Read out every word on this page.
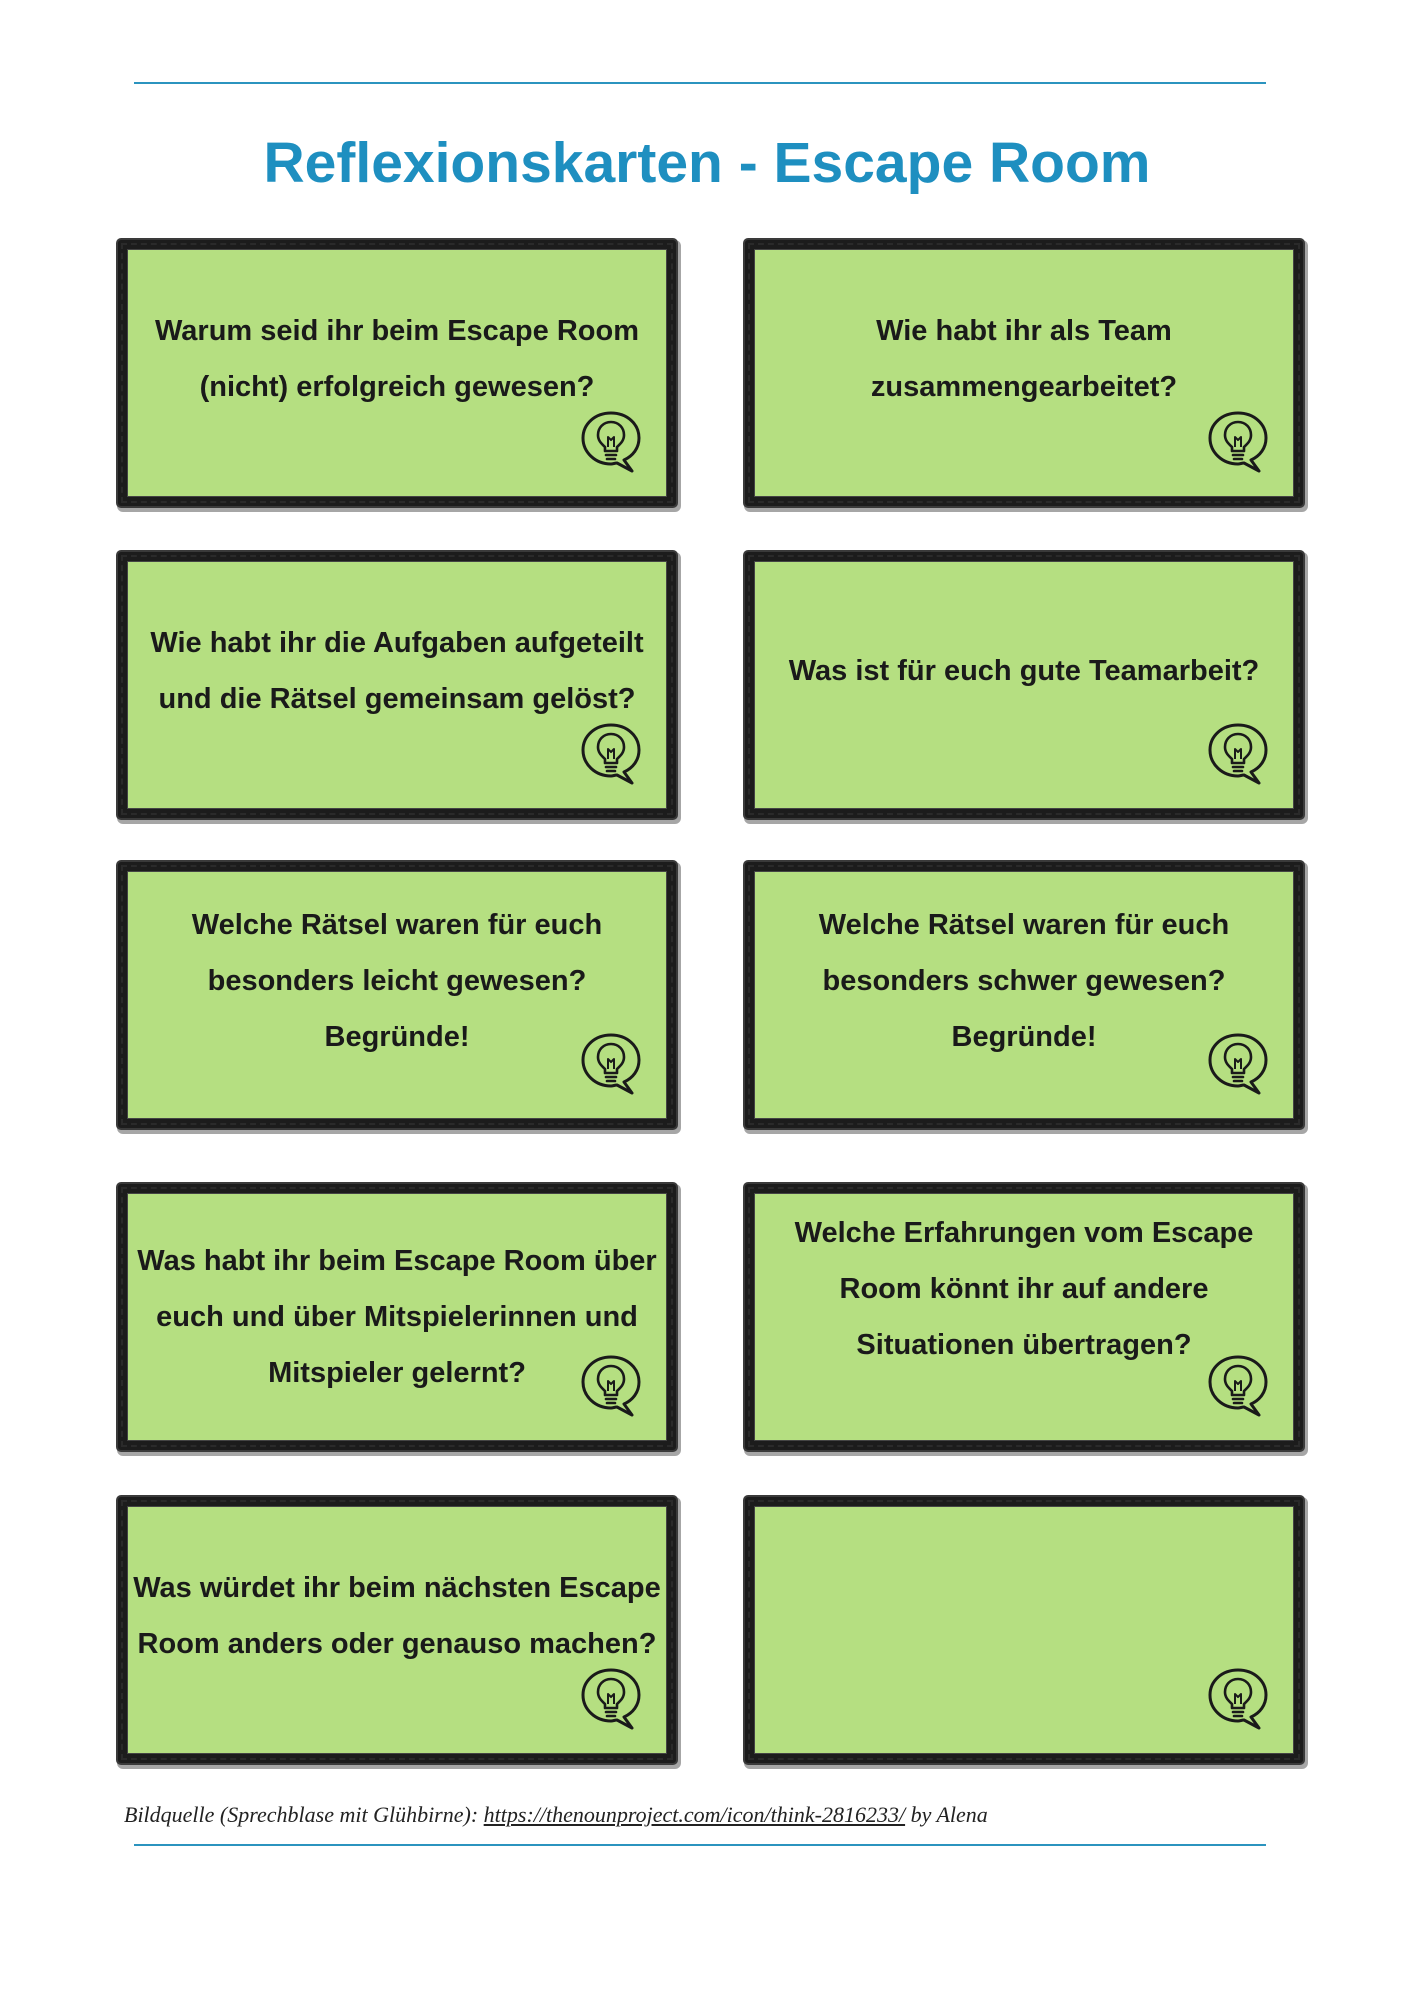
Reflexionskarten - Escape Room

Warum seid ihr beim Escape Room (nicht) erfolgreich gewesen?

Wie habt ihr als Team zusammengearbeitet?

Wie habt ihr die Aufgaben aufgeteilt und die Rätsel gemeinsam gelöst?

Was ist für euch gute Teamarbeit?

Welche Rätsel waren für euch besonders leicht gewesen? Begründe!

Welche Rätsel waren für euch besonders schwer gewesen? Begründe!

Was habt ihr beim Escape Room über euch und über Mitspielerinnen und Mitspieler gelernt?

Welche Erfahrungen vom Escape Room könnt ihr auf andere Situationen übertragen?

Was würdet ihr beim nächsten Escape Room anders oder genauso machen?

Bildquelle (Sprechblase mit Glühbirne): https://thenounproject.com/icon/think-2816233/ by Alena
